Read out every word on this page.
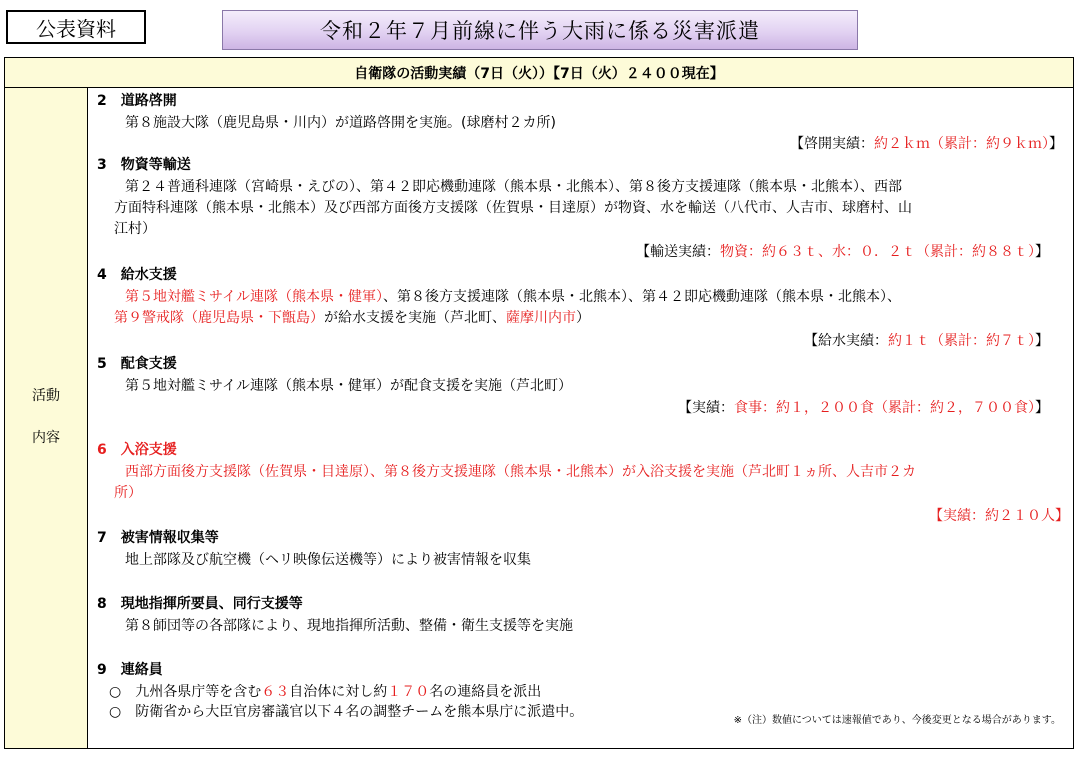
公表資料	令和２年７月前線に伴う大雨に係る災害派遣
自衛隊の活動実績（7日（火））【7日（火）２４００現在】
活動
内容
2　道路啓開
第８施設大隊（鹿児島県・川内）が道路啓開を実施。(球磨村２カ所)
【啓開実績：約２ｋｍ（累計：約９ｋｍ）】
3　物資等輸送
第２４普通科連隊（宮崎県・えびの）、第４２即応機動連隊（熊本県・北熊本）、第８後方支援連隊（熊本県・北熊本）、西部
方面特科連隊（熊本県・北熊本）及び西部方面後方支援隊（佐賀県・目達原）が物資、水を輸送（八代市、人吉市、球磨村、山
江村）
【輸送実績：物資：約６３ｔ、水：０．２ｔ（累計：約８８ｔ）】
4　給水支援
第５地対艦ミサイル連隊（熊本県・健軍）、第８後方支援連隊（熊本県・北熊本）、第４２即応機動連隊（熊本県・北熊本）、
第９警戒隊（鹿児島県・下甑島）が給水支援を実施（芦北町、薩摩川内市）
【給水実績：約１ｔ（累計：約７ｔ）】
5　配食支援
第５地対艦ミサイル連隊（熊本県・健軍）が配食支援を実施（芦北町）
【実績：食事：約１，２００食（累計：約２，７００食）】
6　入浴支援
西部方面後方支援隊（佐賀県・目達原）、第８後方支援連隊（熊本県・北熊本）が入浴支援を実施（芦北町１ヵ所、人吉市２カ
所）
【実績：約２１０人】
7　被害情報収集等
地上部隊及び航空機（ヘリ映像伝送機等）により被害情報を収集
8　現地指揮所要員、同行支援等
第８師団等の各部隊により、現地指揮所活動、整備・衛生支援等を実施
9　連絡員
○　九州各県庁等を含む６３自治体に対し約１７０名の連絡員を派出
○　防衛省から大臣官房審議官以下４名の調整チームを熊本県庁に派遣中。
※（注）数値については速報値であり、今後変更となる場合があります。
